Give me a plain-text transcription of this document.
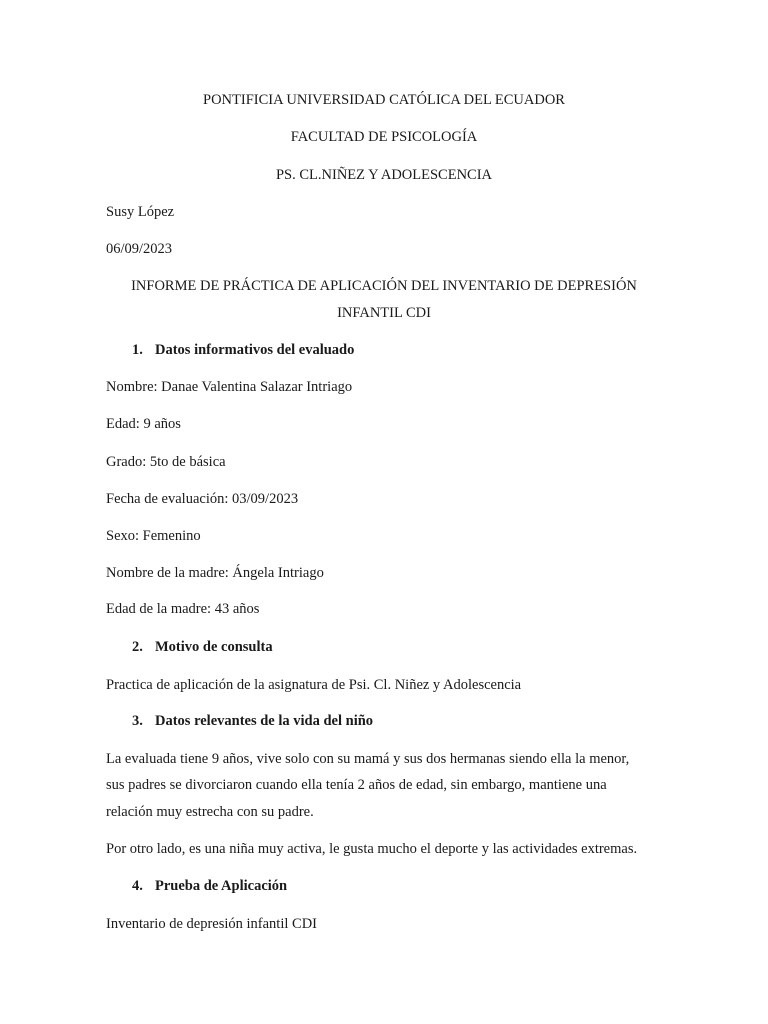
PONTIFICIA UNIVERSIDAD CATÓLICA DEL ECUADOR
FACULTAD DE PSICOLOGÍA
PS. CL.NIÑEZ Y ADOLESCENCIA
Susy López
06/09/2023
INFORME DE PRÁCTICA DE APLICACIÓN DEL INVENTARIO DE DEPRESIÓN
INFANTIL CDI
1. Datos informativos del evaluado
Nombre: Danae Valentina Salazar Intriago
Edad: 9 años
Grado: 5to de básica
Fecha de evaluación: 03/09/2023
Sexo: Femenino
Nombre de la madre: Ángela Intriago
Edad de la madre: 43 años
2. Motivo de consulta
Practica de aplicación de la asignatura de Psi. Cl. Niñez y Adolescencia
3. Datos relevantes de la vida del niño
La evaluada tiene 9 años, vive solo con su mamá y sus dos hermanas siendo ella la menor,
sus padres se divorciaron cuando ella tenía 2 años de edad, sin embargo, mantiene una
relación muy estrecha con su padre.
Por otro lado, es una niña muy activa, le gusta mucho el deporte y las actividades extremas.
4. Prueba de Aplicación
Inventario de depresión infantil CDI
